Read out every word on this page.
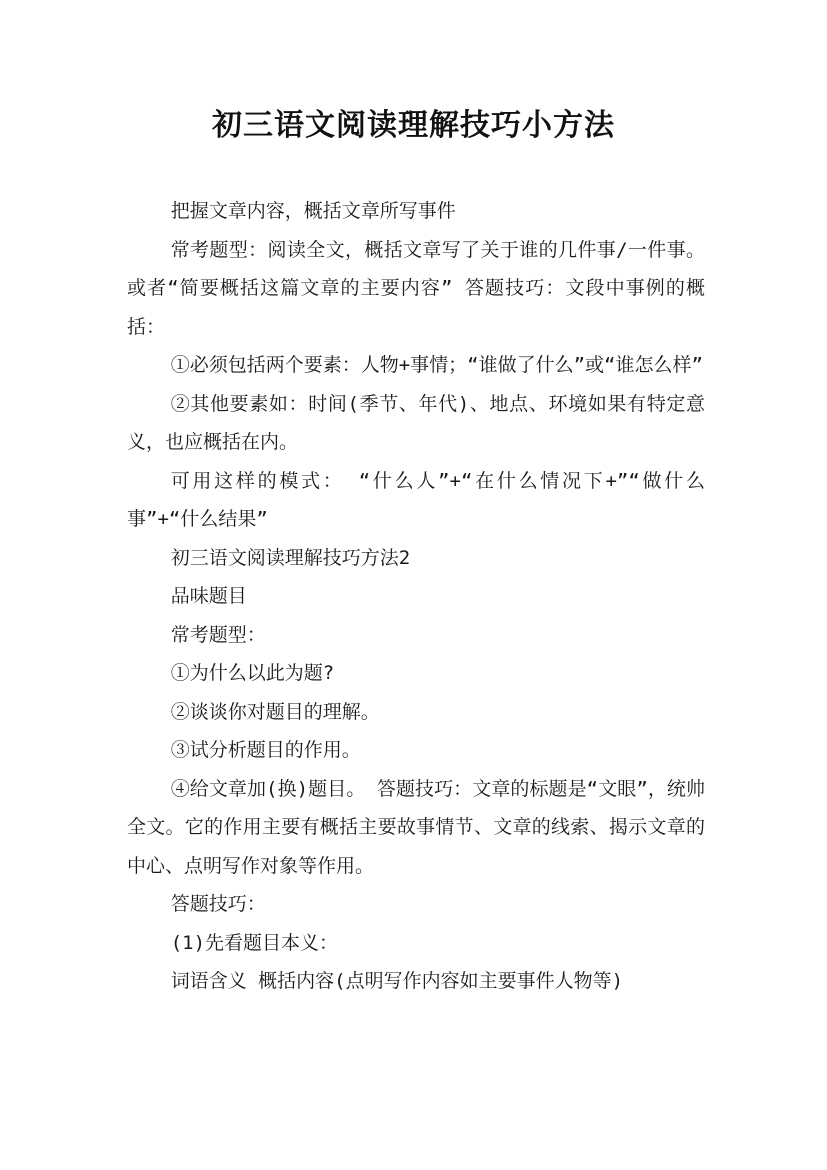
初三语文阅读理解技巧小方法

把握文章内容，概括文章所写事件

常考题型：阅读全文，概括文章写了关于谁的几件事/一件事。或者“简要概括这篇文章的主要内容” 答题技巧：文段中事例的概括：

①必须包括两个要素：人物+事情；“谁做了什么”或“谁怎么样”

②其他要素如：时间(季节、年代)、地点、环境如果有特定意义，也应概括在内。

可用这样的模式： “什么人”+“在什么情况下+”“做什么事”+“什么结果”

初三语文阅读理解技巧方法2

品味题目

常考题型：

①为什么以此为题?

②谈谈你对题目的理解。

③试分析题目的作用。

④给文章加(换)题目。 答题技巧：文章的标题是“文眼”，统帅全文。它的作用主要有概括主要故事情节、文章的线索、揭示文章的中心、点明写作对象等作用。

答题技巧：

(1)先看题目本义：

词语含义 概括内容(点明写作内容如主要事件人物等)
